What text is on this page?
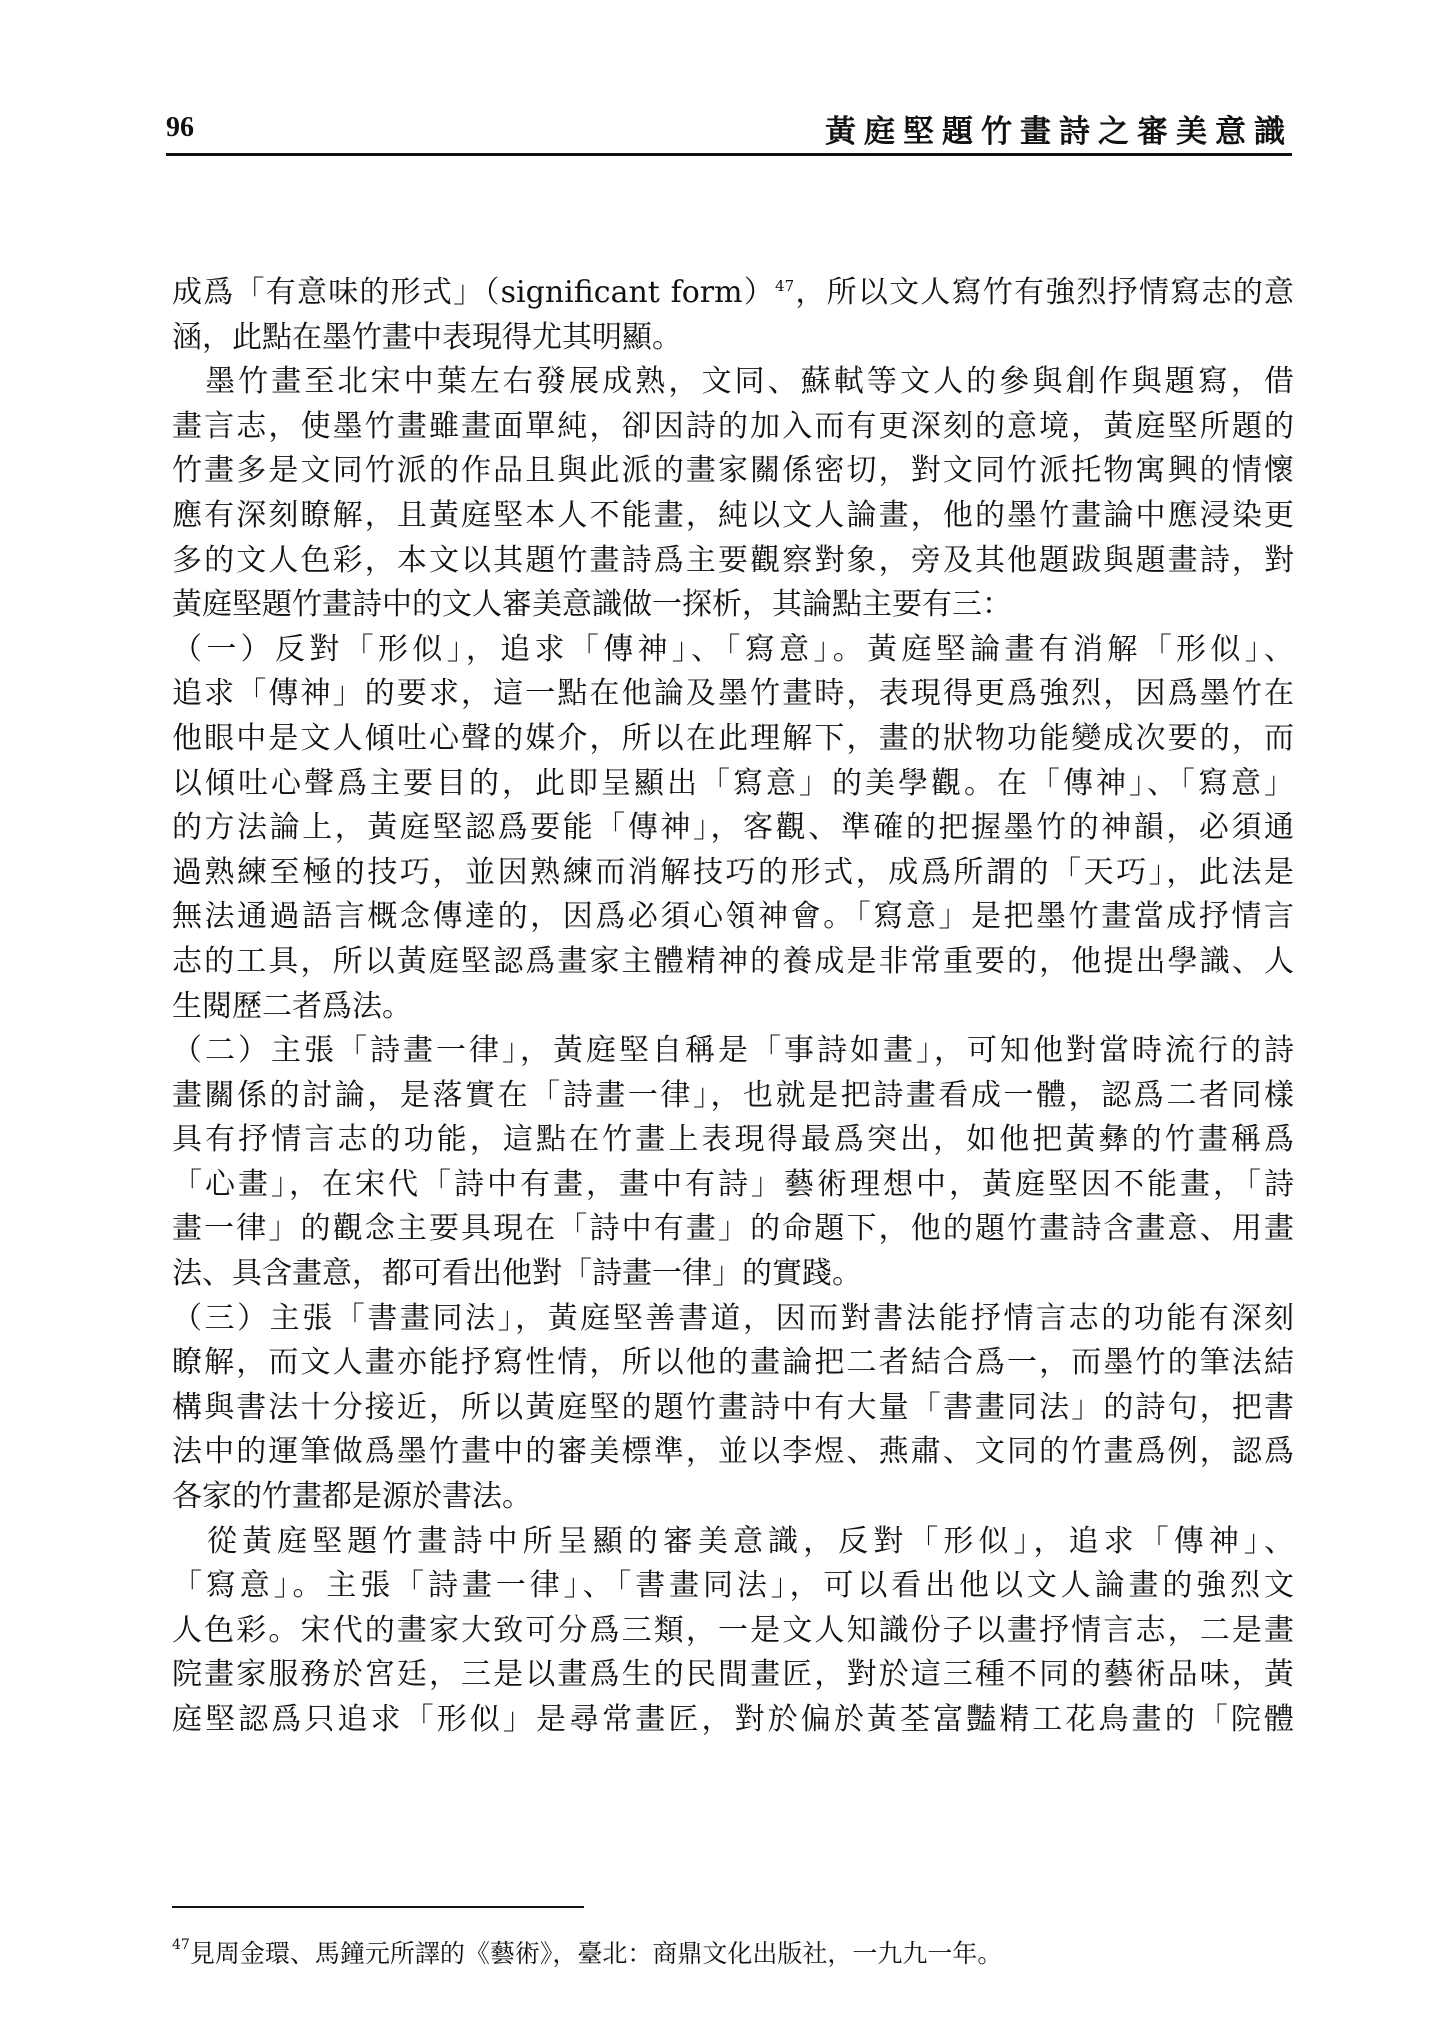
96	黃庭堅題竹畫詩之審美意識
成爲「有意味的形式」（significant form）$^{47}$，所以文人寫竹有強烈抒情寫志的意
涵，此點在墨竹畫中表現得尤其明顯。
　墨竹畫至北宋中葉左右發展成熟，文同、蘇軾等文人的參與創作與題寫，借
畫言志，使墨竹畫雖畫面單純，卻因詩的加入而有更深刻的意境，黃庭堅所題的
竹畫多是文同竹派的作品且與此派的畫家關係密切，對文同竹派托物寓興的情懷
應有深刻瞭解，且黃庭堅本人不能畫，純以文人論畫，他的墨竹畫論中應浸染更
多的文人色彩，本文以其題竹畫詩爲主要觀察對象，旁及其他題跋與題畫詩，對
黃庭堅題竹畫詩中的文人審美意識做一探析，其論點主要有三：
（一）反對「形似」，追求「傳神」、「寫意」。黃庭堅論畫有消解「形似」、
追求「傳神」的要求，這一點在他論及墨竹畫時，表現得更爲強烈，因爲墨竹在
他眼中是文人傾吐心聲的媒介，所以在此理解下，畫的狀物功能變成次要的，而
以傾吐心聲爲主要目的，此即呈顯出「寫意」的美學觀。在「傳神」、「寫意」
的方法論上，黃庭堅認爲要能「傳神」，客觀、準確的把握墨竹的神韻，必須通
過熟練至極的技巧，並因熟練而消解技巧的形式，成爲所謂的「天巧」，此法是
無法通過語言概念傳達的，因爲必須心領神會。「寫意」是把墨竹畫當成抒情言
志的工具，所以黃庭堅認爲畫家主體精神的養成是非常重要的，他提出學識、人
生閱歷二者爲法。
（二）主張「詩畫一律」，黃庭堅自稱是「事詩如畫」，可知他對當時流行的詩
畫關係的討論，是落實在「詩畫一律」，也就是把詩畫看成一體，認爲二者同樣
具有抒情言志的功能，這點在竹畫上表現得最爲突出，如他把黃彝的竹畫稱爲
「心畫」，在宋代「詩中有畫，畫中有詩」藝術理想中，黃庭堅因不能畫，「詩
畫一律」的觀念主要具現在「詩中有畫」的命題下，他的題竹畫詩含畫意、用畫
法、具含畫意，都可看出他對「詩畫一律」的實踐。
（三）主張「書畫同法」，黃庭堅善書道，因而對書法能抒情言志的功能有深刻
瞭解，而文人畫亦能抒寫性情，所以他的畫論把二者結合爲一，而墨竹的筆法結
構與書法十分接近，所以黃庭堅的題竹畫詩中有大量「書畫同法」的詩句，把書
法中的運筆做爲墨竹畫中的審美標準，並以李煜、燕肅、文同的竹畫爲例，認爲
各家的竹畫都是源於書法。
　從黃庭堅題竹畫詩中所呈顯的審美意識，反對「形似」，追求「傳神」、
「寫意」。主張「詩畫一律」、「書畫同法」，可以看出他以文人論畫的強烈文
人色彩。宋代的畫家大致可分爲三類，一是文人知識份子以畫抒情言志，二是畫
院畫家服務於宮廷，三是以畫爲生的民間畫匠，對於這三種不同的藝術品味，黃
庭堅認爲只追求「形似」是尋常畫匠，對於偏於黃荃富豔精工花鳥畫的「院體
$^{47}$見周金環、馬鐘元所譯的《藝術》，臺北：商鼎文化出版社，一九九一年。
